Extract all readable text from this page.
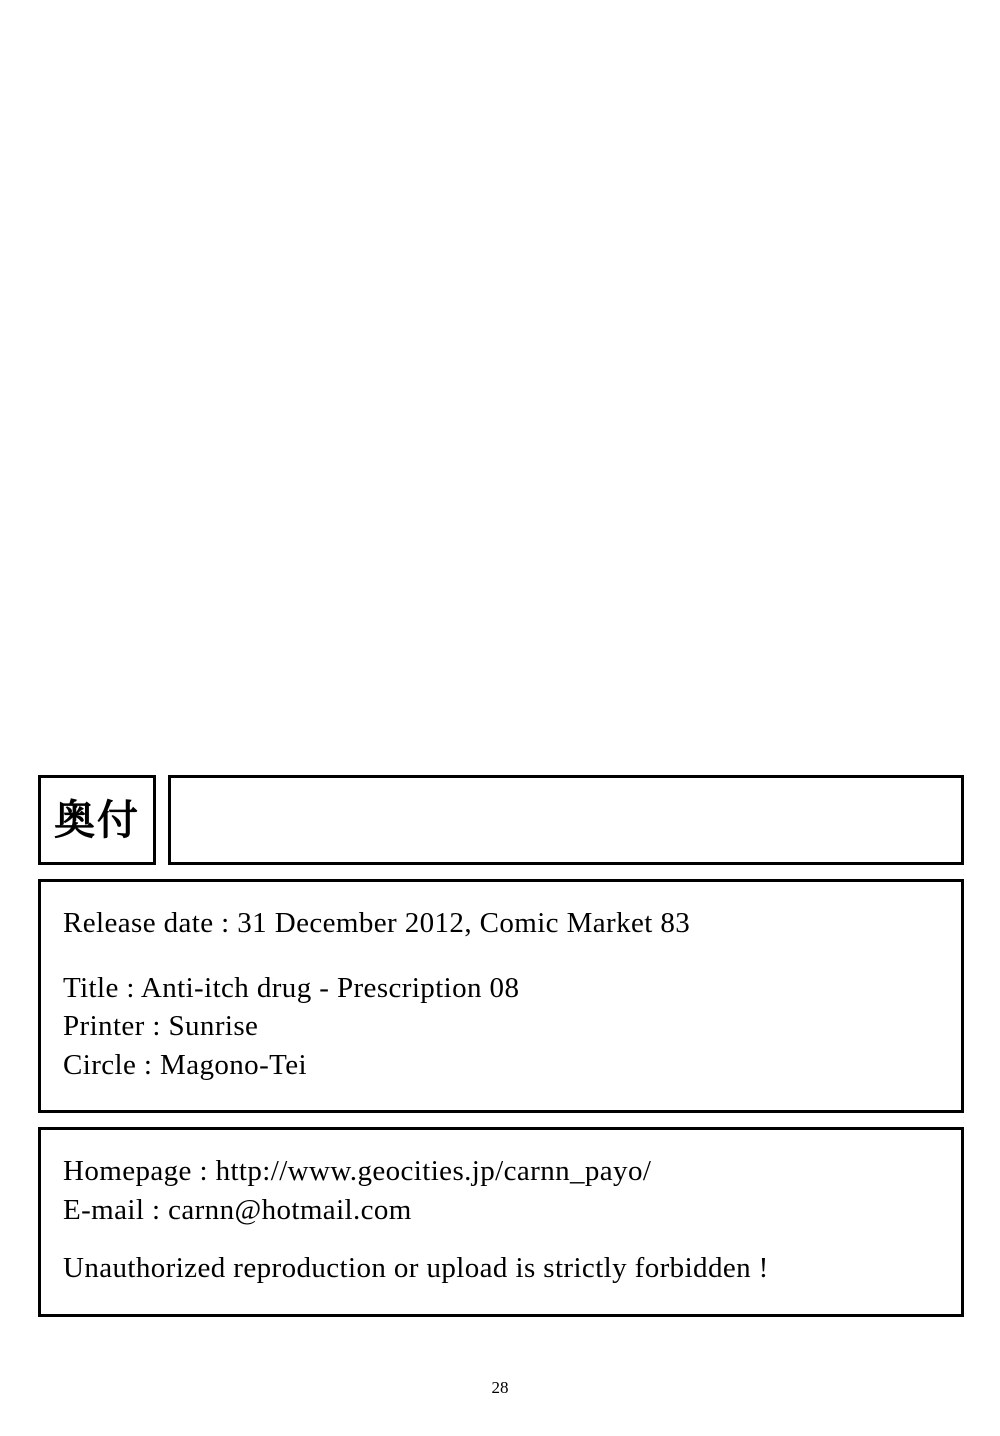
奥付
Release date : 31 December 2012, Comic Market 83
Title : Anti-itch drug - Prescription 08
Printer : Sunrise
Circle : Magono-Tei
Homepage : http://www.geocities.jp/carnn_payo/
E-mail : carnn@hotmail.com
Unauthorized reproduction or upload is strictly forbidden !
28
